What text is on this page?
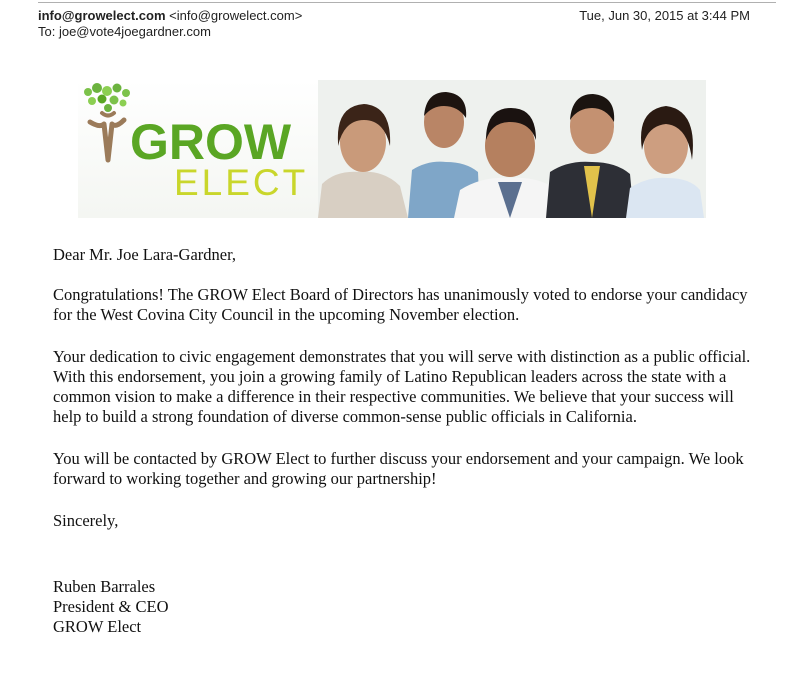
info@growelect.com <info@growelect.com>	Tue, Jun 30, 2015 at 3:44 PM
To: joe@vote4joegardner.com
GROW
ELECT

Dear Mr. Joe Lara-Gardner,

Congratulations! The GROW Elect Board of Directors has unanimously voted to endorse your candidacy for the West Covina City Council in the upcoming November election.

Your dedication to civic engagement demonstrates that you will serve with distinction as a public official. With this endorsement, you join a growing family of Latino Republican leaders across the state with a common vision to make a difference in their respective communities. We believe that your success will help to build a strong foundation of diverse common-sense public officials in California.

You will be contacted by GROW Elect to further discuss your endorsement and your campaign. We look forward to working together and growing our partnership!

Sincerely,

Ruben Barrales

President & CEO

GROW Elect
